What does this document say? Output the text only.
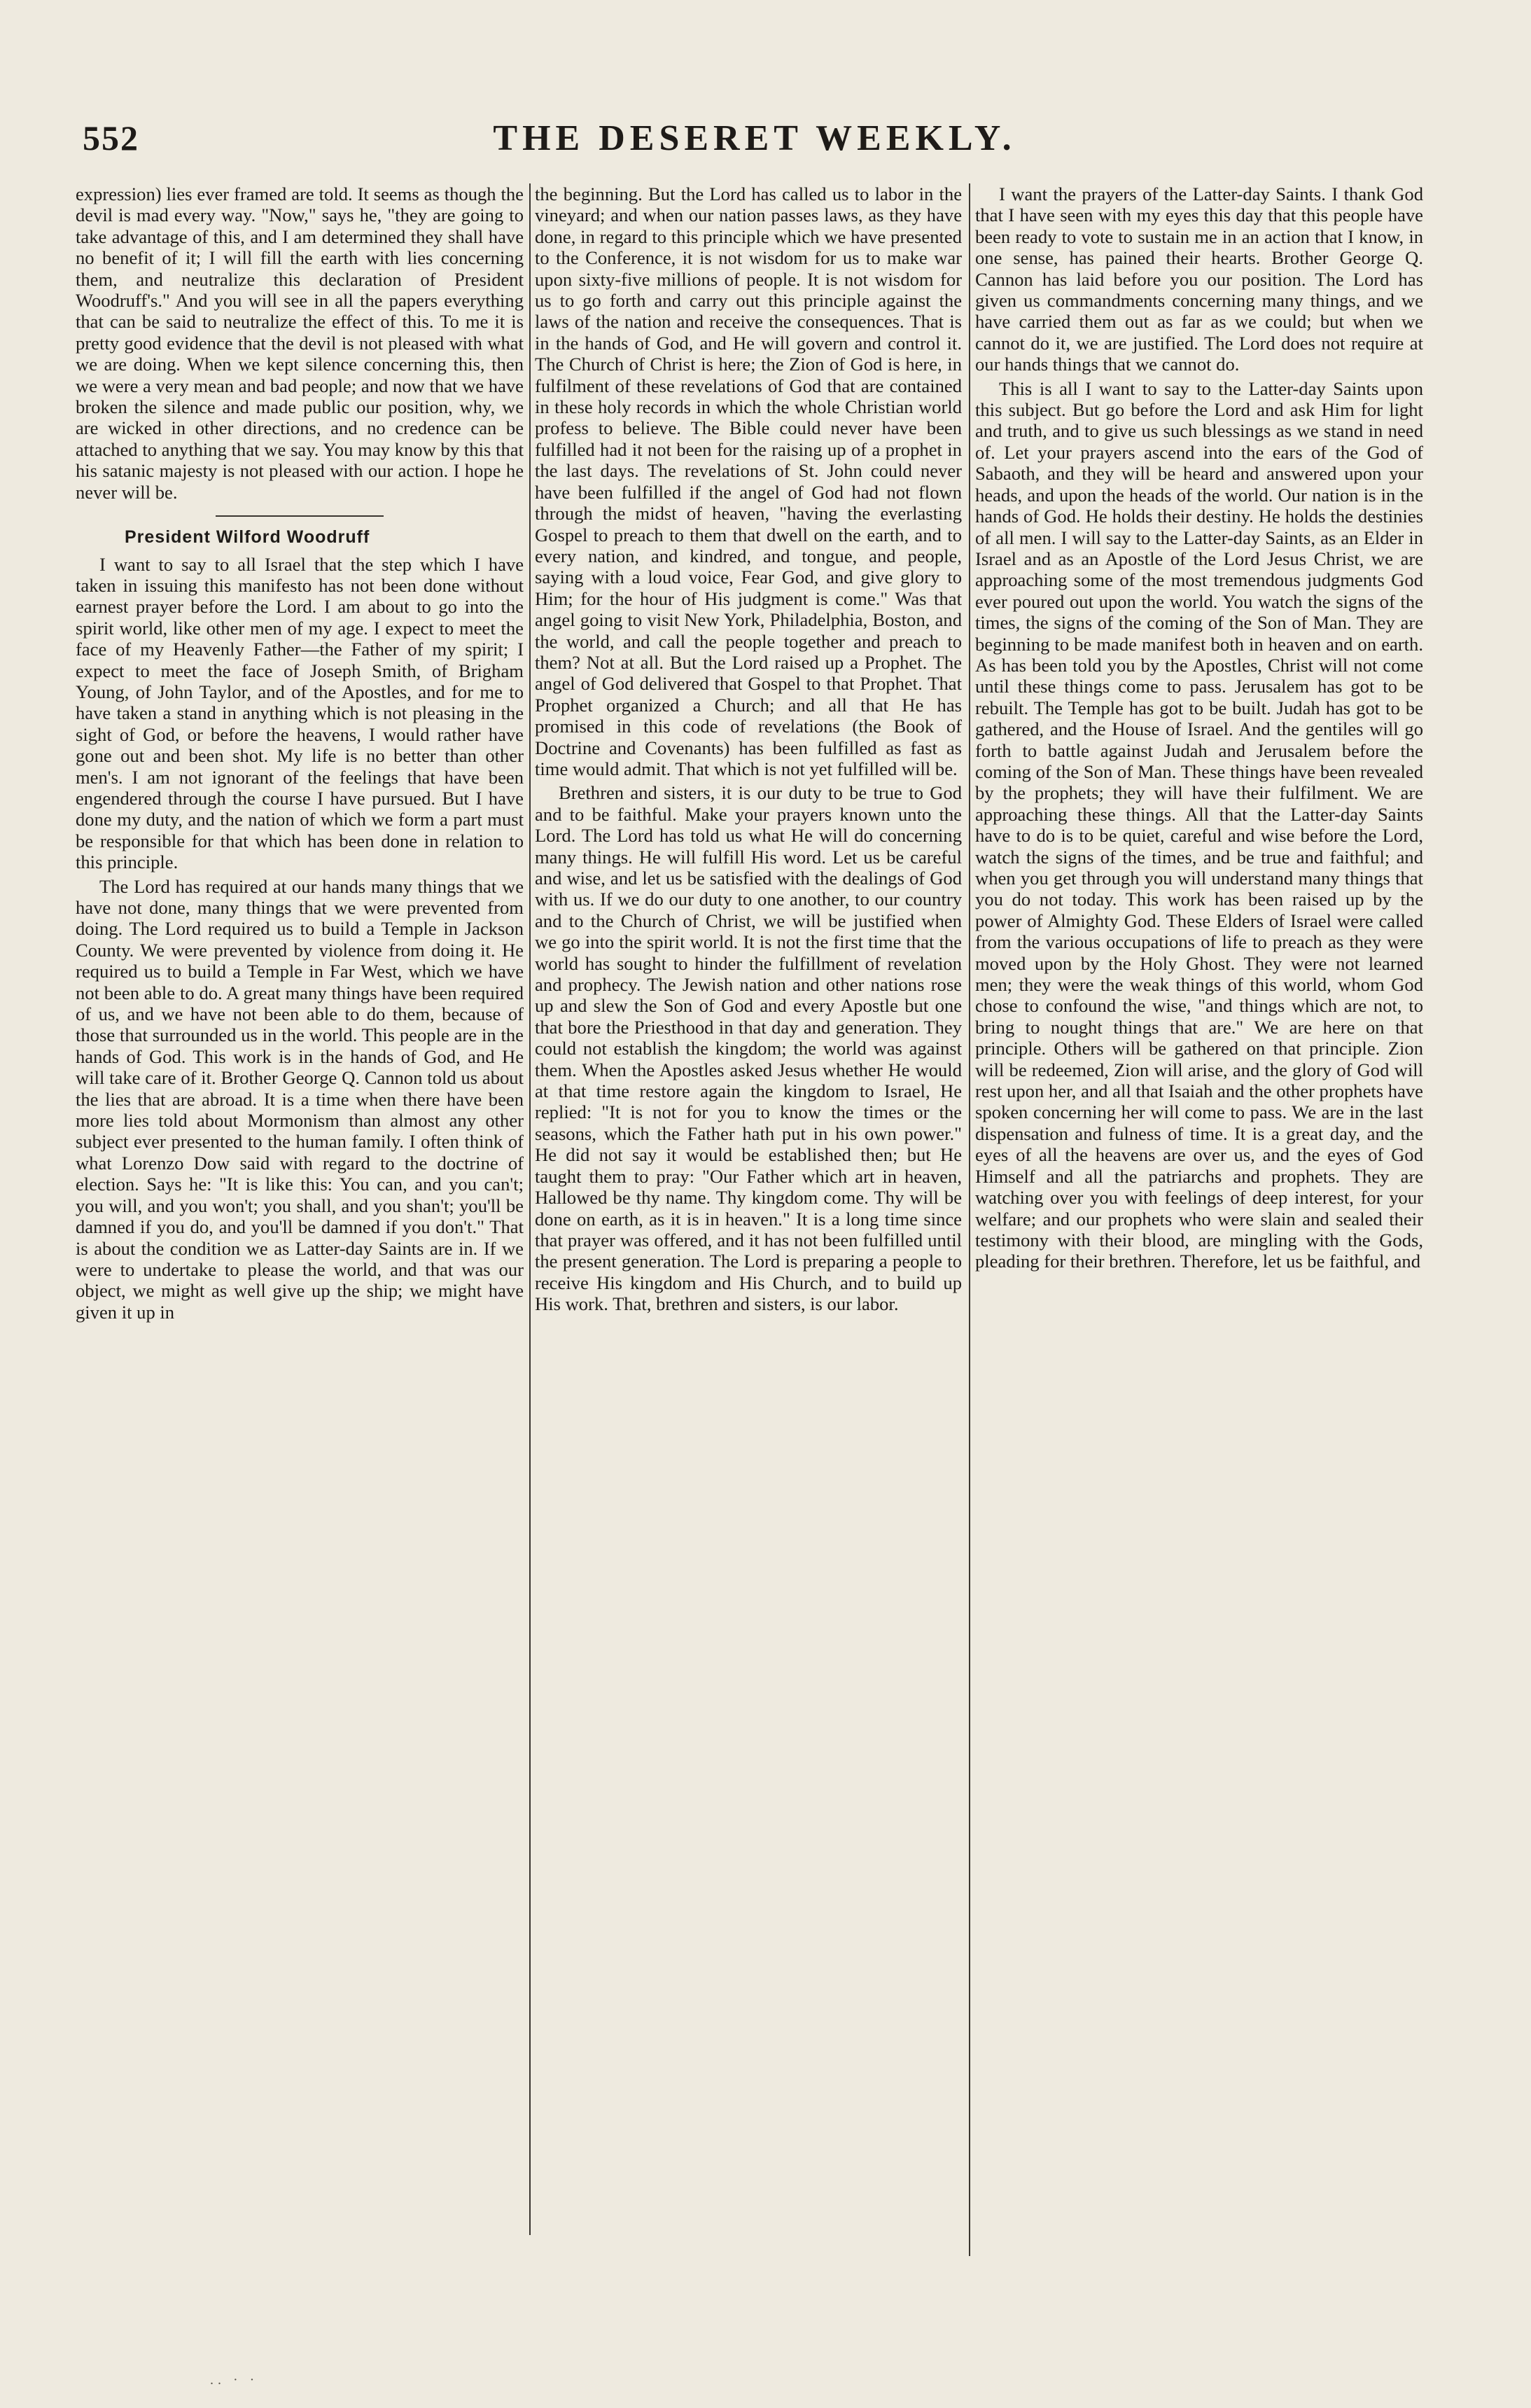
552	THE DESERET WEEKLY.

expression) lies ever framed are told. It seems as though the devil is mad every way. "Now," says he, "they are going to take advantage of this, and I am determined they shall have no benefit of it; I will fill the earth with lies concerning them, and neutralize this declaration of President Woodruff's." And you will see in all the papers everything that can be said to neutralize the effect of this. To me it is pretty good evidence that the devil is not pleased with what we are doing. When we kept silence concerning this, then we were a very mean and bad people; and now that we have broken the silence and made public our position, why, we are wicked in other directions, and no credence can be attached to anything that we say. You may know by this that his satanic majesty is not pleased with our action. I hope he never will be.

President Wilford Woodruff

I want to say to all Israel that the step which I have taken in issuing this manifesto has not been done without earnest prayer before the Lord. I am about to go into the spirit world, like other men of my age. I expect to meet the face of my Heavenly Father—the Father of my spirit; I expect to meet the face of Joseph Smith, of Brigham Young, of John Taylor, and of the Apostles, and for me to have taken a stand in anything which is not pleasing in the sight of God, or before the heavens, I would rather have gone out and been shot. My life is no better than other men's. I am not ignorant of the feelings that have been engendered through the course I have pursued. But I have done my duty, and the nation of which we form a part must be responsible for that which has been done in relation to this principle.

The Lord has required at our hands many things that we have not done, many things that we were prevented from doing. The Lord required us to build a Temple in Jackson County. We were prevented by violence from doing it. He required us to build a Temple in Far West, which we have not been able to do. A great many things have been required of us, and we have not been able to do them, because of those that surrounded us in the world. This people are in the hands of God. This work is in the hands of God, and He will take care of it. Brother George Q. Cannon told us about the lies that are abroad. It is a time when there have been more lies told about Mormonism than almost any other subject ever presented to the human family. I often think of what Lorenzo Dow said with regard to the doctrine of election. Says he: "It is like this: You can, and you can't; you will, and you won't; you shall, and you shan't; you'll be damned if you do, and you'll be damned if you don't." That is about the condition we as Latter-day Saints are in. If we were to undertake to please the world, and that was our object, we might as well give up the ship; we might have given it up in

the beginning. But the Lord has called us to labor in the vineyard; and when our nation passes laws, as they have done, in regard to this principle which we have presented to the Conference, it is not wisdom for us to make war upon sixty-five millions of people. It is not wisdom for us to go forth and carry out this principle against the laws of the nation and receive the consequences. That is in the hands of God, and He will govern and control it. The Church of Christ is here; the Zion of God is here, in fulfilment of these revelations of God that are contained in these holy records in which the whole Christian world profess to believe. The Bible could never have been fulfilled had it not been for the raising up of a prophet in the last days. The revelations of St. John could never have been fulfilled if the angel of God had not flown through the midst of heaven, "having the everlasting Gospel to preach to them that dwell on the earth, and to every nation, and kindred, and tongue, and people, saying with a loud voice, Fear God, and give glory to Him; for the hour of His judgment is come." Was that angel going to visit New York, Philadelphia, Boston, and the world, and call the people together and preach to them? Not at all. But the Lord raised up a Prophet. The angel of God delivered that Gospel to that Prophet. That Prophet organized a Church; and all that He has promised in this code of revelations (the Book of Doctrine and Covenants) has been fulfilled as fast as time would admit. That which is not yet fulfilled will be.

Brethren and sisters, it is our duty to be true to God and to be faithful. Make your prayers known unto the Lord. The Lord has told us what He will do concerning many things. He will fulfill His word. Let us be careful and wise, and let us be satisfied with the dealings of God with us. If we do our duty to one another, to our country and to the Church of Christ, we will be justified when we go into the spirit world. It is not the first time that the world has sought to hinder the fulfillment of revelation and prophecy. The Jewish nation and other nations rose up and slew the Son of God and every Apostle but one that bore the Priesthood in that day and generation. They could not establish the kingdom; the world was against them. When the Apostles asked Jesus whether He would at that time restore again the kingdom to Israel, He replied: "It is not for you to know the times or the seasons, which the Father hath put in his own power." He did not say it would be established then; but He taught them to pray: "Our Father which art in heaven, Hallowed be thy name. Thy kingdom come. Thy will be done on earth, as it is in heaven." It is a long time since that prayer was offered, and it has not been fulfilled until the present generation. The Lord is preparing a people to receive His kingdom and His Church, and to build up His work. That, brethren and sisters, is our labor.

I want the prayers of the Latter-day Saints. I thank God that I have seen with my eyes this day that this people have been ready to vote to sustain me in an action that I know, in one sense, has pained their hearts. Brother George Q. Cannon has laid before you our position. The Lord has given us commandments concerning many things, and we have carried them out as far as we could; but when we cannot do it, we are justified. The Lord does not require at our hands things that we cannot do.

This is all I want to say to the Latter-day Saints upon this subject. But go before the Lord and ask Him for light and truth, and to give us such blessings as we stand in need of. Let your prayers ascend into the ears of the God of Sabaoth, and they will be heard and answered upon your heads, and upon the heads of the world. Our nation is in the hands of God. He holds their destiny. He holds the destinies of all men. I will say to the Latter-day Saints, as an Elder in Israel and as an Apostle of the Lord Jesus Christ, we are approaching some of the most tremendous judgments God ever poured out upon the world. You watch the signs of the times, the signs of the coming of the Son of Man. They are beginning to be made manifest both in heaven and on earth. As has been told you by the Apostles, Christ will not come until these things come to pass. Jerusalem has got to be rebuilt. The Temple has got to be built. Judah has got to be gathered, and the House of Israel. And the gentiles will go forth to battle against Judah and Jerusalem before the coming of the Son of Man. These things have been revealed by the prophets; they will have their fulfilment. We are approaching these things. All that the Latter-day Saints have to do is to be quiet, careful and wise before the Lord, watch the signs of the times, and be true and faithful; and when you get through you will understand many things that you do not today. This work has been raised up by the power of Almighty God. These Elders of Israel were called from the various occupations of life to preach as they were moved upon by the Holy Ghost. They were not learned men; they were the weak things of this world, whom God chose to confound the wise, "and things which are not, to bring to nought things that are." We are here on that principle. Others will be gathered on that principle. Zion will be redeemed, Zion will arise, and the glory of God will rest upon her, and all that Isaiah and the other prophets have spoken concerning her will come to pass. We are in the last dispensation and fulness of time. It is a great day, and the eyes of all the heavens are over us, and the eyes of God Himself and all the patriarchs and prophets. They are watching over you with feelings of deep interest, for your welfare; and our prophets who were slain and sealed their testimony with their blood, are mingling with the Gods, pleading for their brethren. Therefore, let us be faithful, and

.. · ·
